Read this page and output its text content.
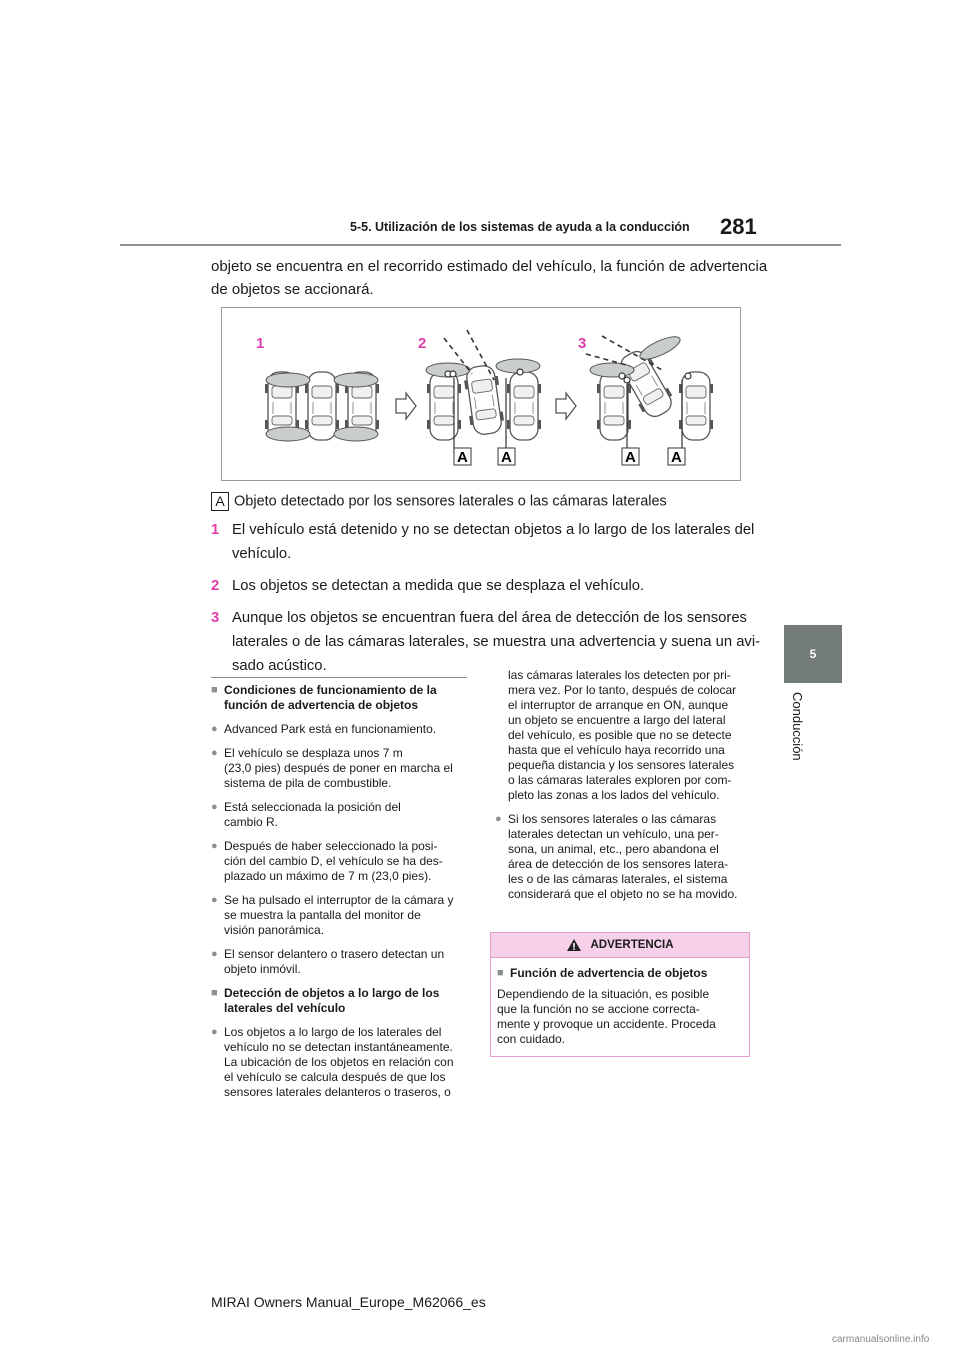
5-5. Utilización de los sistemas de ayuda a la conducción 281
5
Conducción
objeto se encuentra en el recorrido estimado del vehículo, la función de advertencia
de objetos se accionará.
1	2	3
A A	A A
A Objeto detectado por los sensores laterales o las cámaras laterales
1 El vehículo está detenido y no se detectan objetos a lo largo de los laterales del
vehículo.
2 Los objetos se detectan a medida que se desplaza el vehículo.
3 Aunque los objetos se encuentran fuera del área de detección de los sensores
laterales o de las cámaras laterales, se muestra una advertencia y suena un avi-
sado acústico.
■ Condiciones de funcionamiento de la
función de advertencia de objetos
● Advanced Park está en funcionamiento.
● El vehículo se desplaza unos 7 m
(23,0 pies) después de poner en marcha el
sistema de pila de combustible.
● Está seleccionada la posición del
cambio R.
● Después de haber seleccionado la posi-
ción del cambio D, el vehículo se ha des-
plazado un máximo de 7 m (23,0 pies).
● Se ha pulsado el interruptor de la cámara y
se muestra la pantalla del monitor de
visión panorámica.
● El sensor delantero o trasero detectan un
objeto inmóvil.
■ Detección de objetos a lo largo de los
laterales del vehículo
● Los objetos a lo largo de los laterales del
vehículo no se detectan instantáneamente.
La ubicación de los objetos en relación con
el vehículo se calcula después de que los
sensores laterales delanteros o traseros, o
las cámaras laterales los detecten por pri-
mera vez. Por lo tanto, después de colocar
el interruptor de arranque en ON, aunque
un objeto se encuentre a largo del lateral
del vehículo, es posible que no se detecte
hasta que el vehículo haya recorrido una
pequeña distancia y los sensores laterales
o las cámaras laterales exploren por com-
pleto las zonas a los lados del vehículo.
● Si los sensores laterales o las cámaras
laterales detectan un vehículo, una per-
sona, un animal, etc., pero abandona el
área de detección de los sensores latera-
les o de las cámaras laterales, el sistema
considerará que el objeto no se ha movido.
ADVERTENCIA
■ Función de advertencia de objetos
Dependiendo de la situación, es posible
que la función no se accione correcta-
mente y provoque un accidente. Proceda
con cuidado.
MIRAI Owners Manual_Europe_M62066_es
carmanualsonline.info
